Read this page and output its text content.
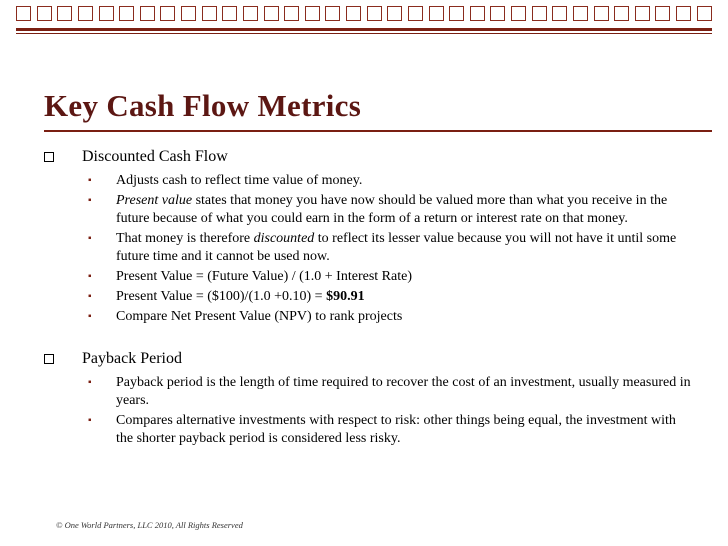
Key Cash Flow Metrics
Discounted Cash Flow
▪ Adjusts cash to reflect time value of money.
▪ Present value states that money you have now should be valued more than what you receive in the future because of what you could earn in the form of a return or interest rate on that money.
▪ That money is therefore discounted to reflect its lesser value because you will not have it until some future time and it cannot be used now.
▪ Present Value = (Future Value) / (1.0 + Interest Rate)
▪ Present Value = ($100)/(1.0 +0.10) = $90.91
▪ Compare Net Present Value (NPV) to rank projects
Payback Period
▪ Payback period is the length of time required to recover the cost of an investment, usually measured in years.
▪ Compares alternative investments with respect to risk: other things being equal, the investment with the shorter payback period is considered less risky.
© One World Partners, LLC 2010, All Rights Reserved
